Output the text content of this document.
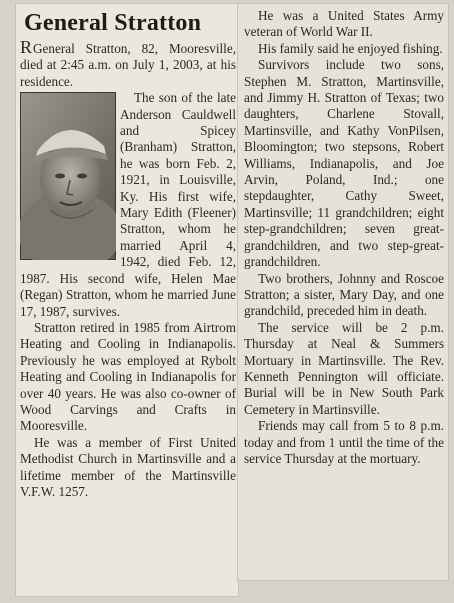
General Stratton

RGeneral Stratton, 82, Mooresville, died at 2:45 a.m. on July 1, 2003, at his residence.

The son of the late Anderson Cauldwell and Spicey (Branham) Stratton, he was born Feb. 2, 1921, in Louisville, Ky. His first wife, Mary Edith (Fleener) Stratton, whom he married April 4, 1942, died Feb. 12, 1987. His second wife, Helen Mae (Regan) Stratton, whom he married June 17, 1987, survives.

Stratton retired in 1985 from Airtrom Heating and Cooling in Indianapolis. Previously he was employed at Rybolt Heating and Cooling in Indianapolis for over 40 years. He was also co-owner of Wood Carvings and Crafts in Mooresville.

He was a member of First United Methodist Church in Martinsville and a lifetime member of the Martinsville V.F.W. 1257.

He was a United States Army veteran of World War II.

His family said he enjoyed fishing.

Survivors include two sons, Stephen M. Stratton, Martinsville, and Jimmy H. Stratton of Texas; two daughters, Charlene Stovall, Martinsville, and Kathy VonPilsen, Bloomington; two stepsons, Robert Williams, Indianapolis, and Joe Arvin, Poland, Ind.; one stepdaughter, Cathy Sweet, Martinsville; 11 grandchildren; eight step-grandchildren; seven great-grandchildren, and two step-great-grandchildren.

Two brothers, Johnny and Roscoe Stratton; a sister, Mary Day, and one grandchild, preceded him in death.

The service will be 2 p.m. Thursday at Neal & Summers Mortuary in Martinsville. The Rev. Kenneth Pennington will officiate. Burial will be in New South Park Cemetery in Martinsville.

Friends may call from 5 to 8 p.m. today and from 1 until the time of the service Thursday at the mortuary.
